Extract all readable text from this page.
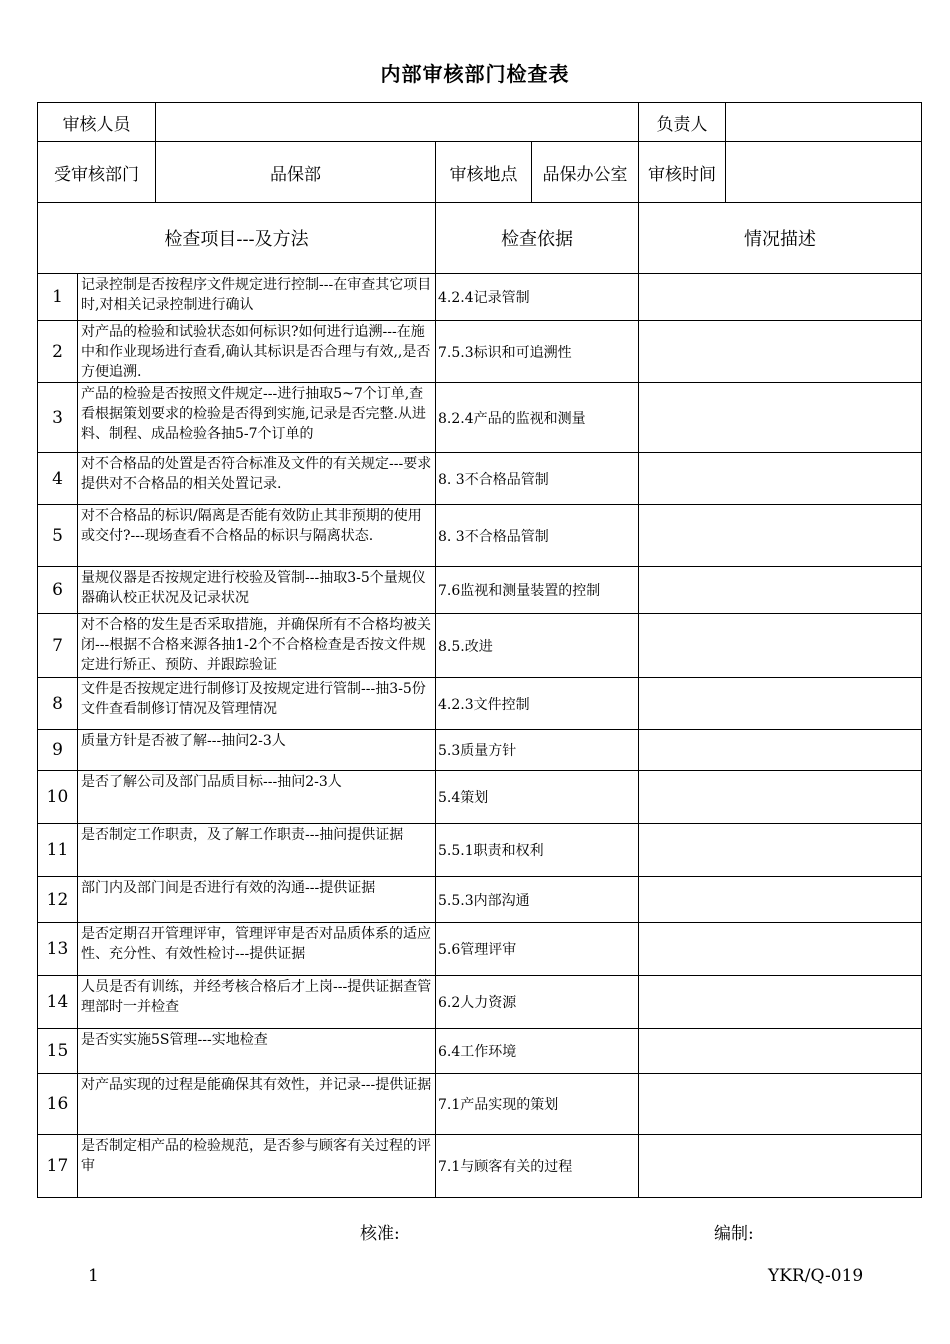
内部审核部门检查表
审核人员					负责人	
受审核部门		品保部	审核地点	品保办公室	审核时间	
检查项目---及方法			检查依据		情况描述	
1	记录控制是否按程序文件规定进行控制---在审查其它项目时,对相关记录控制进行确认		4.2.4记录管制			
2	对产品的检验和试验状态如何标识?如何进行追溯---在施中和作业现场进行查看,确认其标识是否合理与有效,,是否方便追溯.		7.5.3标识和可追溯性			
3	产品的检验是否按照文件规定---进行抽取5~7个订单,查看根据策划要求的检验是否得到实施,记录是否完整.从进料、制程、成品检验各抽5-7个订单的		8.2.4产品的监视和测量			
4	对不合格品的处置是否符合标准及文件的有关规定---要求提供对不合格品的相关处置记录.		8. 3不合格品管制			
5	对不合格品的标识/隔离是否能有效防止其非预期的使用或交付?---现场查看不合格品的标识与隔离状态.		8. 3不合格品管制			
6	量规仪器是否按规定进行校验及管制---抽取3-5个量规仪器确认校正状况及记录状况		7.6监视和测量装置的控制			
7	对不合格的发生是否采取措施，并确保所有不合格均被关闭---根据不合格来源各抽1-2个不合格检查是否按文件规定进行矫正、预防、并跟踪验证		8.5.改进			
8	文件是否按规定进行制修订及按规定进行管制---抽3-5份文件查看制修订情况及管理情况		4.2.3文件控制			
9	质量方针是否被了解---抽问2-3人		5.3质量方针			
10	是否了解公司及部门品质目标---抽问2-3人		5.4策划			
11	是否制定工作职责，及了解工作职责---抽问提供证据		5.5.1职责和权利			
12	部门内及部门间是否进行有效的沟通---提供证据		5.5.3内部沟通			
13	是否定期召开管理评审，管理评审是否对品质体系的适应性、充分性、有效性检讨---提供证据		5.6管理评审			
14	人员是否有训练，并经考核合格后才上岗---提供证据查管理部时一并检查		6.2人力资源			
15	是否实实施5S管理---实地检查		6.4工作环境			
16	对产品实现的过程是能确保其有效性，并记录---提供证据		7.1产品实现的策划			
17	是否制定相产品的检验规范，是否参与顾客有关过程的评审		7.1与顾客有关的过程			
核准:	编制:
1	YKR/Q-019
